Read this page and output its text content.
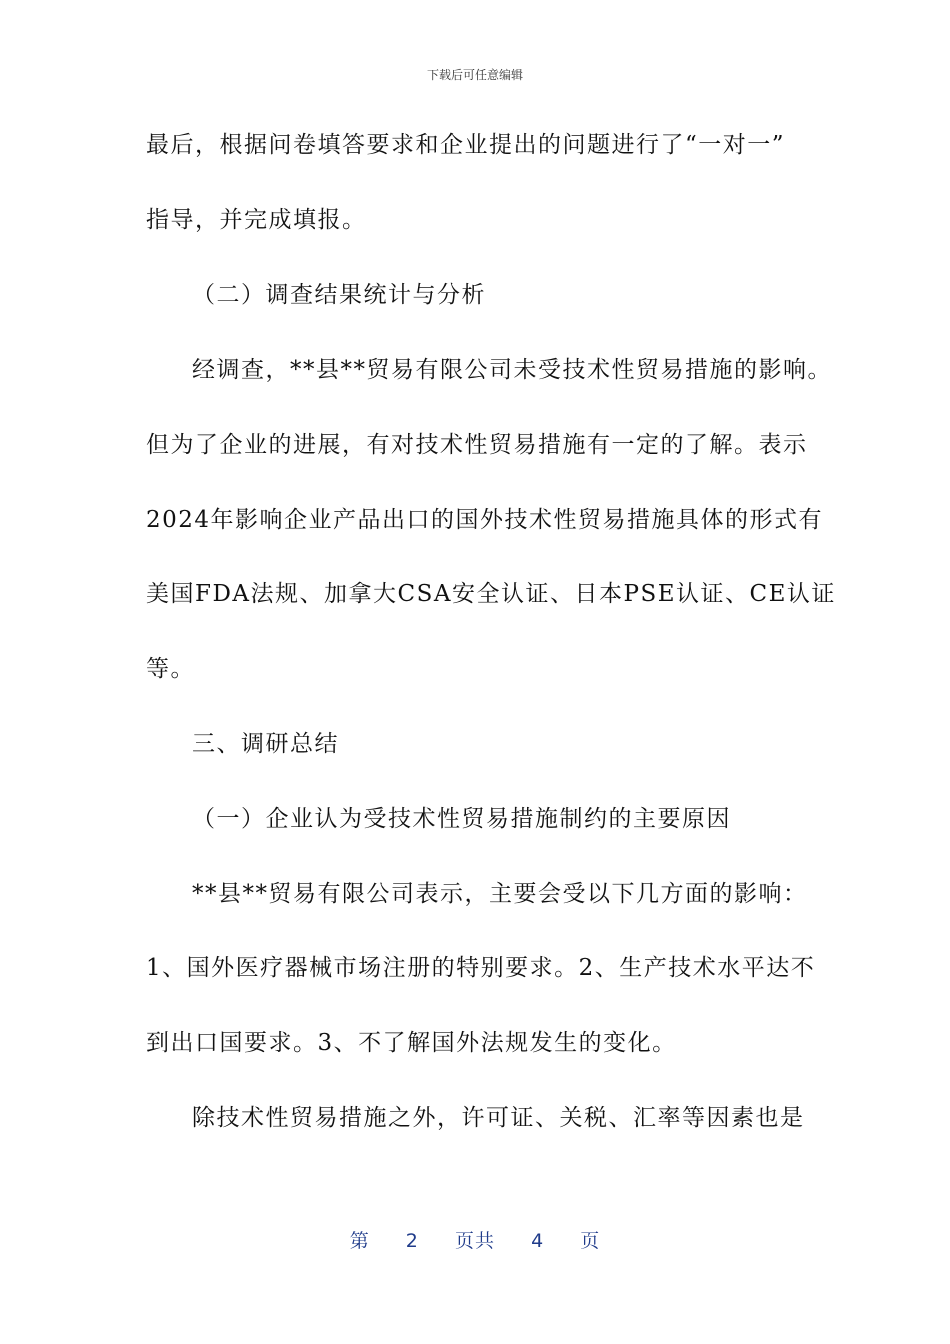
下载后可任意编辑
最后，根据问卷填答要求和企业提出的问题进行了“一对一”
指导，并完成填报。
（二）调查结果统计与分析
经调查，**县**贸易有限公司未受技术性贸易措施的影响。
但为了企业的进展，有对技术性贸易措施有一定的了解。表示
2024年影响企业产品出口的国外技术性贸易措施具体的形式有
美国FDA法规、加拿大CSA安全认证、日本PSE认证、CE认证
等。
三、调研总结
（一）企业认为受技术性贸易措施制约的主要原因
**县**贸易有限公司表示，主要会受以下几方面的影响：
1、国外医疗器械市场注册的特别要求。2、生产技术水平达不
到出口国要求。3、不了解国外法规发生的变化。
除技术性贸易措施之外，许可证、关税、汇率等因素也是
第 2 页共 4 页
